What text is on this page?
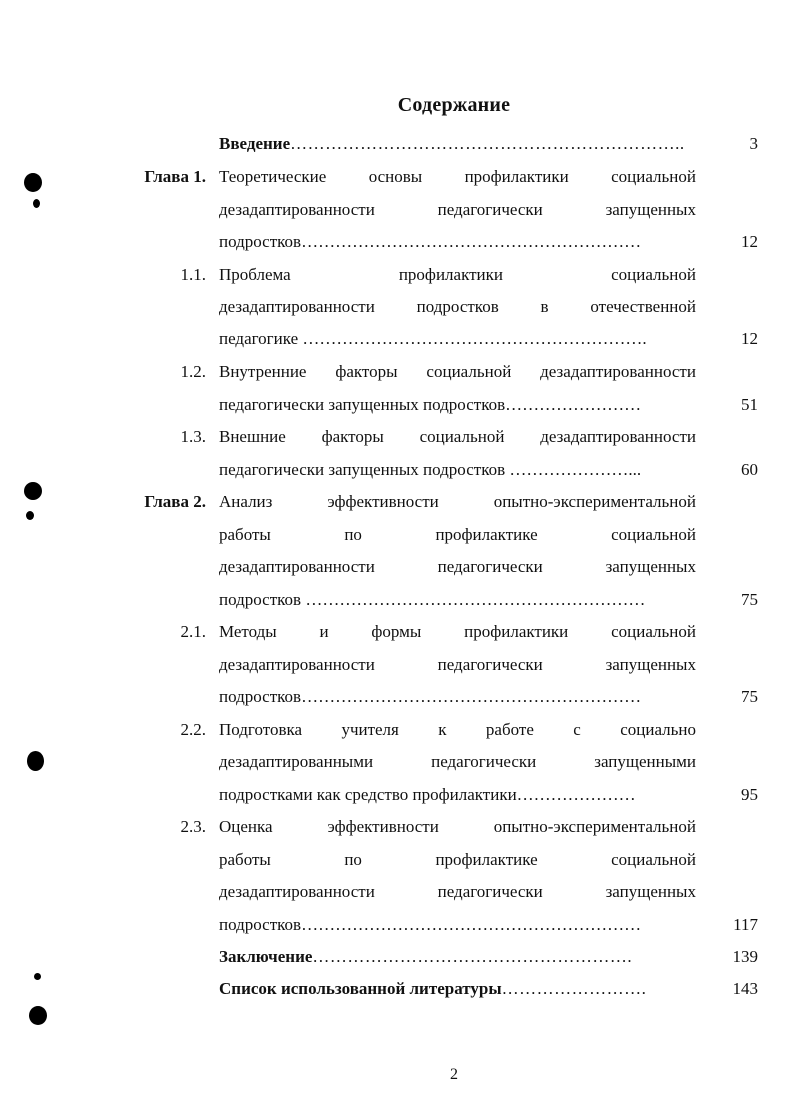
Содержание
Введение…………………………………………………………..	3
Глава 1. Теоретические основы профилактики социальной
дезадаптированности	педагогически	запущенных
подростков……………………………………………………	12
1.1. Проблема	профилактики	социальной
дезадаптированности подростков в отечественной
педагогике …………………………………………………….	12
1.2. Внутренние факторы социальной дезадаптированности
педагогически запущенных подростков……………………	51
1.3. Внешние факторы социальной дезадаптированности
педагогически запущенных подростков …………………...	60
Глава 2. Анализ	эффективности	опытно-экспериментальной
работы	по	профилактике	социальной
дезадаптированности	педагогически	запущенных
подростков ……………………………………………………	75
2.1. Методы	и	формы	профилактики	социальной
дезадаптированности	педагогически	запущенных
подростков……………………………………………………	75
2.2. Подготовка учителя к работе с социально
дезадаптированными	педагогически	запущенными
подростками как средство профилактики…………………	95
2.3. Оценка	эффективности	опытно-экспериментальной
работы	по	профилактике	социальной
дезадаптированности	педагогически	запущенных
подростков……………………………………………………	117
Заключение……………………………………………….	139
Список использованной литературы…………………….	143
2
